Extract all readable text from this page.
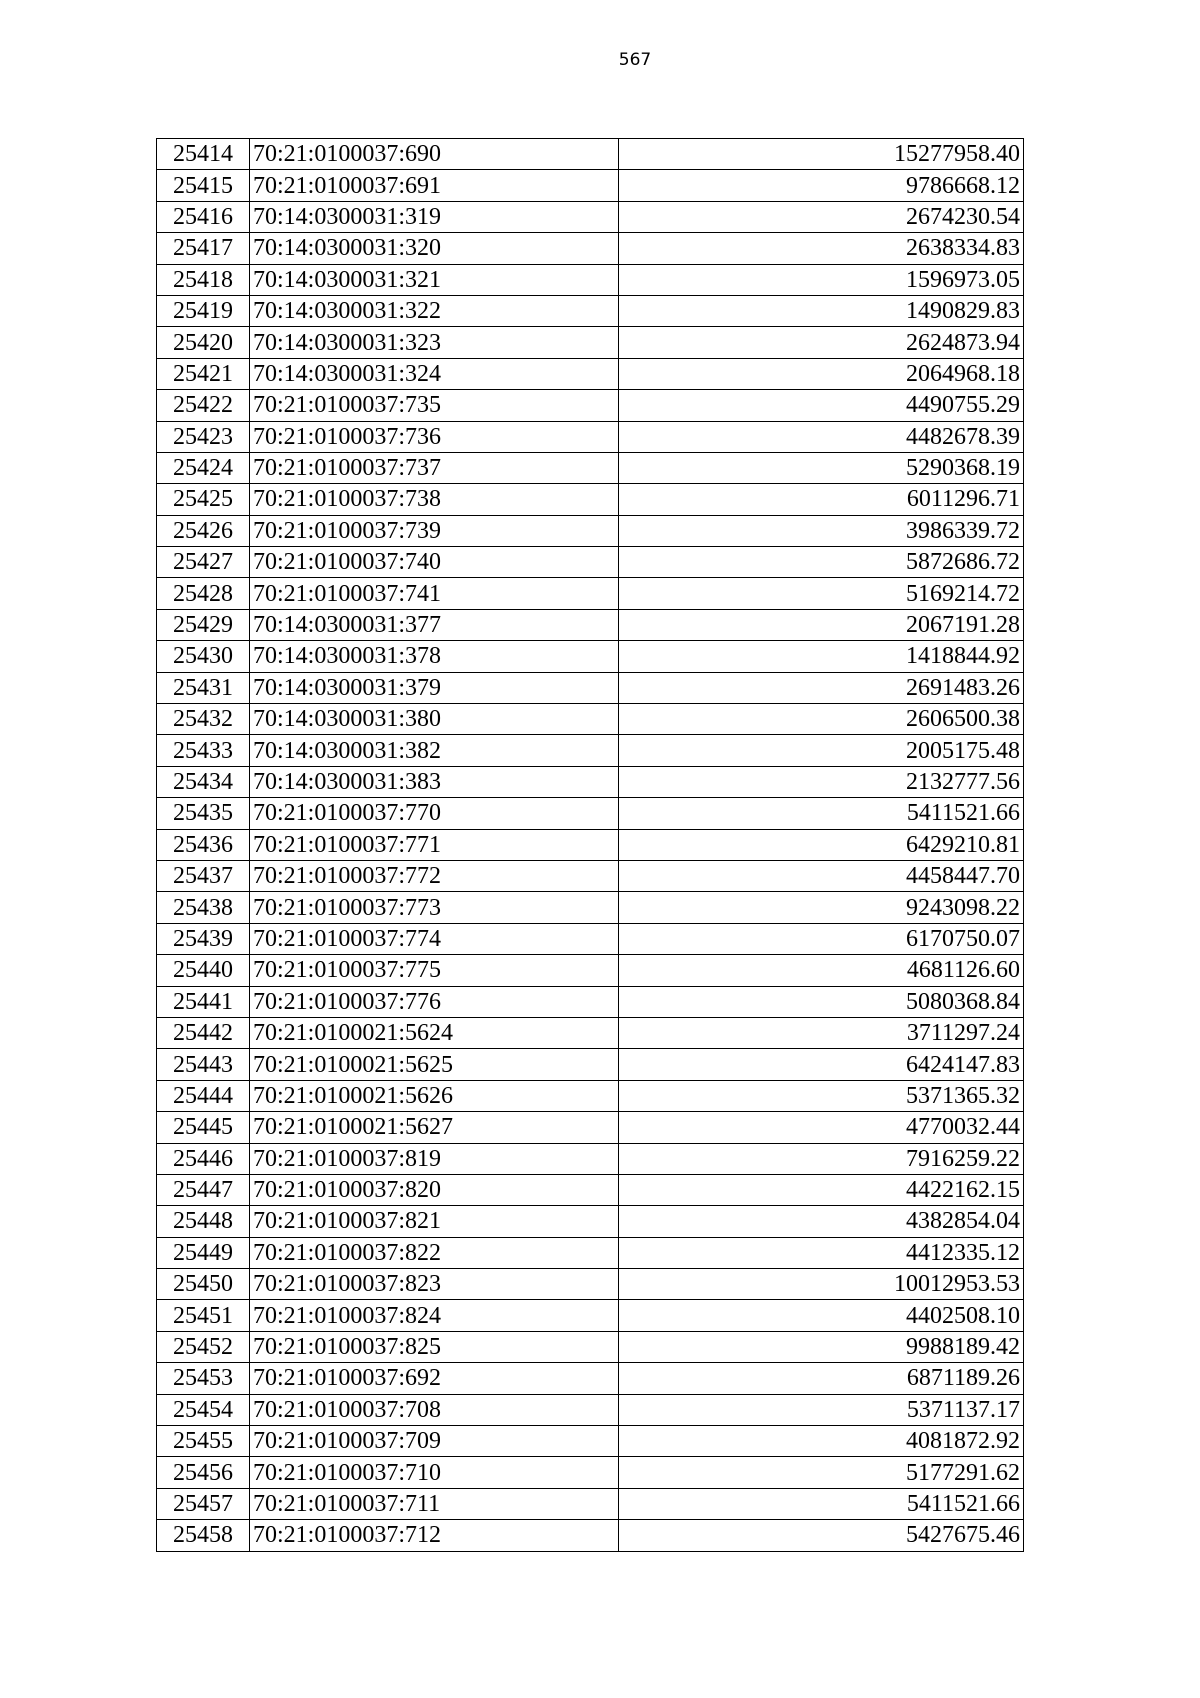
567
25414	70:21:0100037:690	15277958.40
25415	70:21:0100037:691	9786668.12
25416	70:14:0300031:319	2674230.54
25417	70:14:0300031:320	2638334.83
25418	70:14:0300031:321	1596973.05
25419	70:14:0300031:322	1490829.83
25420	70:14:0300031:323	2624873.94
25421	70:14:0300031:324	2064968.18
25422	70:21:0100037:735	4490755.29
25423	70:21:0100037:736	4482678.39
25424	70:21:0100037:737	5290368.19
25425	70:21:0100037:738	6011296.71
25426	70:21:0100037:739	3986339.72
25427	70:21:0100037:740	5872686.72
25428	70:21:0100037:741	5169214.72
25429	70:14:0300031:377	2067191.28
25430	70:14:0300031:378	1418844.92
25431	70:14:0300031:379	2691483.26
25432	70:14:0300031:380	2606500.38
25433	70:14:0300031:382	2005175.48
25434	70:14:0300031:383	2132777.56
25435	70:21:0100037:770	5411521.66
25436	70:21:0100037:771	6429210.81
25437	70:21:0100037:772	4458447.70
25438	70:21:0100037:773	9243098.22
25439	70:21:0100037:774	6170750.07
25440	70:21:0100037:775	4681126.60
25441	70:21:0100037:776	5080368.84
25442	70:21:0100021:5624	3711297.24
25443	70:21:0100021:5625	6424147.83
25444	70:21:0100021:5626	5371365.32
25445	70:21:0100021:5627	4770032.44
25446	70:21:0100037:819	7916259.22
25447	70:21:0100037:820	4422162.15
25448	70:21:0100037:821	4382854.04
25449	70:21:0100037:822	4412335.12
25450	70:21:0100037:823	10012953.53
25451	70:21:0100037:824	4402508.10
25452	70:21:0100037:825	9988189.42
25453	70:21:0100037:692	6871189.26
25454	70:21:0100037:708	5371137.17
25455	70:21:0100037:709	4081872.92
25456	70:21:0100037:710	5177291.62
25457	70:21:0100037:711	5411521.66
25458	70:21:0100037:712	5427675.46
